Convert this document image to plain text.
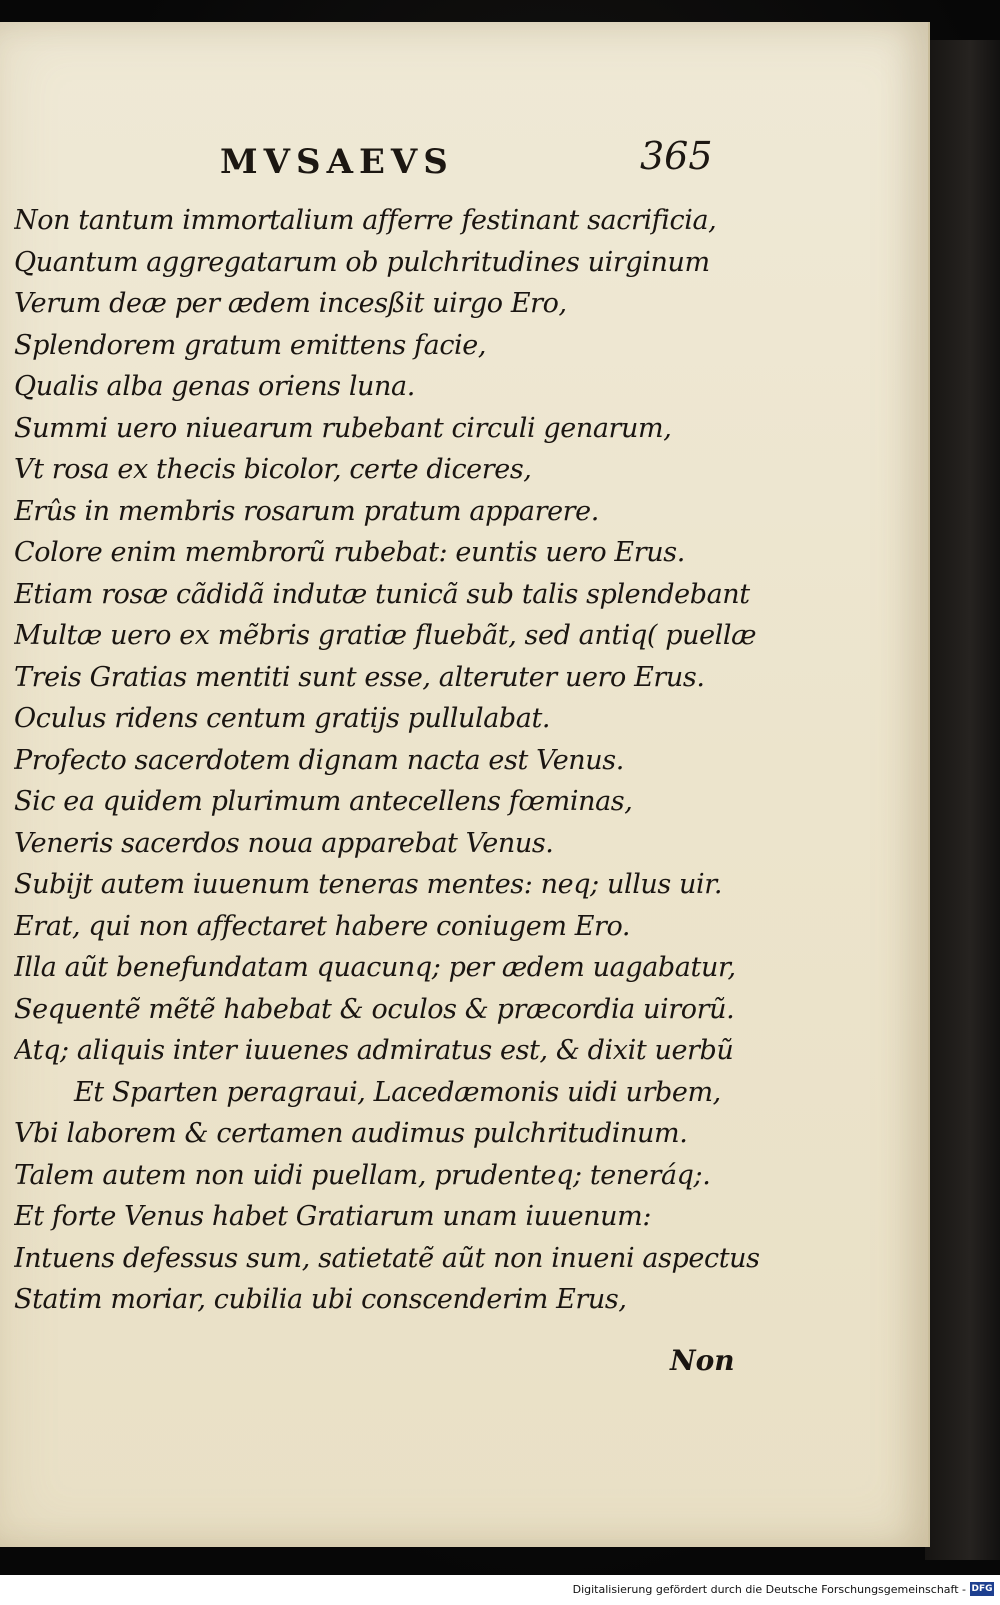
MVSAEVS	365
Non tantum immortalium afferre festinant sacrificia,
Quantum aggregatarum ob pulchritudines uirginum
Verum deæ per ædem incesßit uirgo Ero,
Splendorem gratum emittens facie,
Qualis alba genas oriens luna.
Summi uero niuearum rubebant circuli genarum,
Vt rosa ex thecis bicolor, certe diceres,
Erûs in membris rosarum pratum apparere.
Colore enim membrorũ rubebat: euntis uero Erus.
Etiam rosæ cãdidã indutæ tunicã sub talis splendebant
Multæ uero ex mẽbris gratiæ fluebãt, sed antiq( puellæ
Treis Gratias mentiti sunt esse, alteruter uero Erus.
Oculus ridens centum gratijs pullulabat.
Profecto sacerdotem dignam nacta est Venus.
Sic ea quidem plurimum antecellens fœminas,
Veneris sacerdos noua apparebat Venus.
Subijt autem iuuenum teneras mentes: neq; ullus uir.
Erat, qui non affectaret habere coniugem Ero.
Illa aũt benefundatam quacunq; per ædem uagabatur,
Sequentẽ mẽtẽ habebat & oculos & præcordia uirorũ.
Atq; aliquis inter iuuenes admiratus est, & dixit uerbũ
Et Sparten peragraui, Lacedæmonis uidi urbem,
Vbi laborem & certamen audimus pulchritudinum.
Talem autem non uidi puellam, prudenteq; teneráq;.
Et forte Venus habet Gratiarum unam iuuenum:
Intuens defessus sum, satietatẽ aũt non inueni aspectus
Statim moriar, cubilia ubi conscenderim Erus,
Non
Digitalisierung gefördert durch die Deutsche Forschungsgemeinschaft - DFG
